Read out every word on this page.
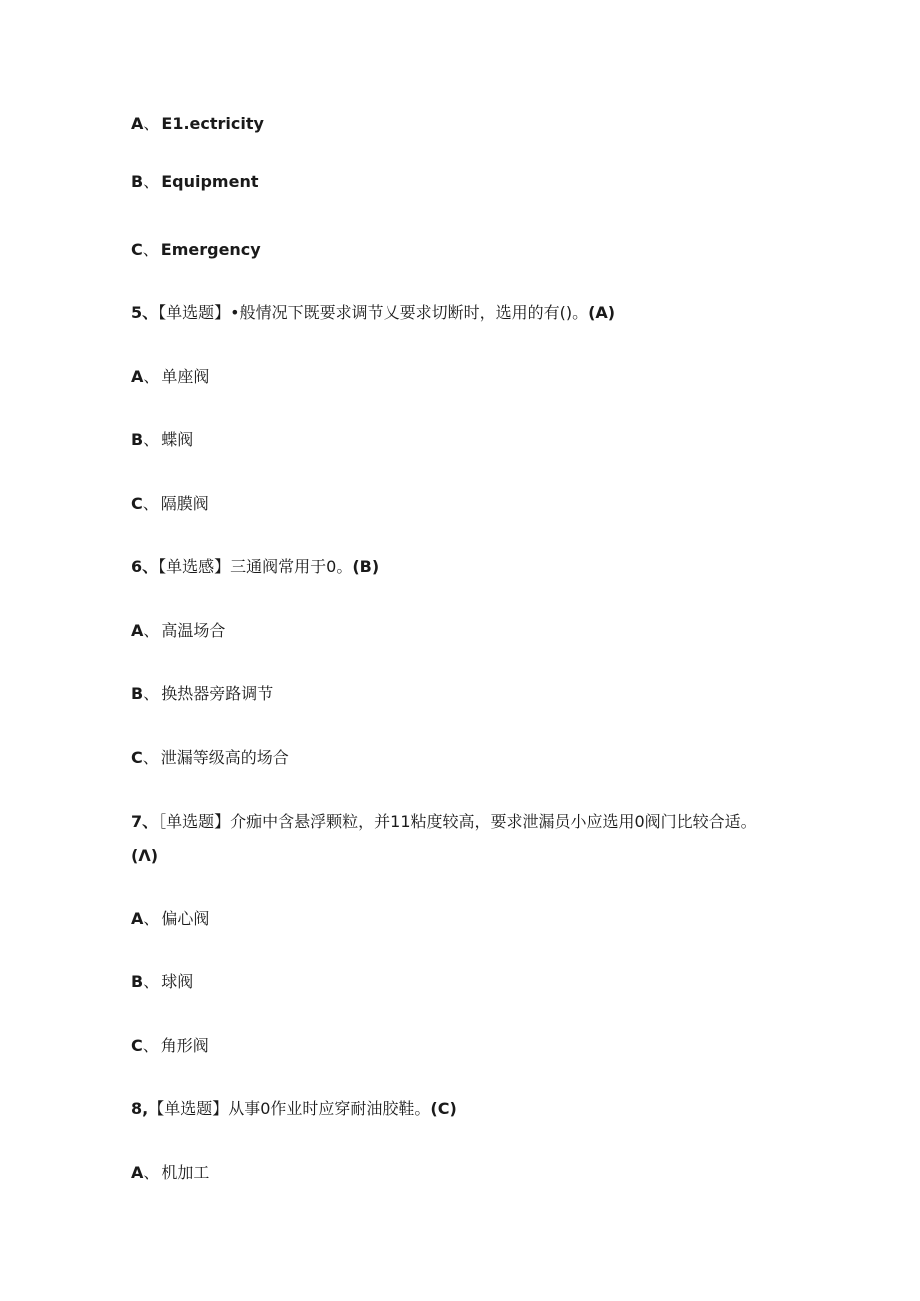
A、 E1.ectricity
B、 Equipment
C、 Emergency
5、【单选题】•般情况下既要求调节乂要求切断时，选用的有()。(A)
A、 单座阀
B、 蝶阀
C、 隔膜阀
6、【单选感】三通阀常用于0。(B)
A、 高温场合
B、 换热器旁路调节
C、 泄漏等级高的场合
7、［单选题】介痂中含悬浮颗粒，并11粘度较高，要求泄漏员小应选用0阀门比较合适。
(Λ)
A、 偏心阀
B、 球阀
C、 角形阀
8,【单选题】从事0作业时应穿耐油胶鞋。(C)
A、 机加工
